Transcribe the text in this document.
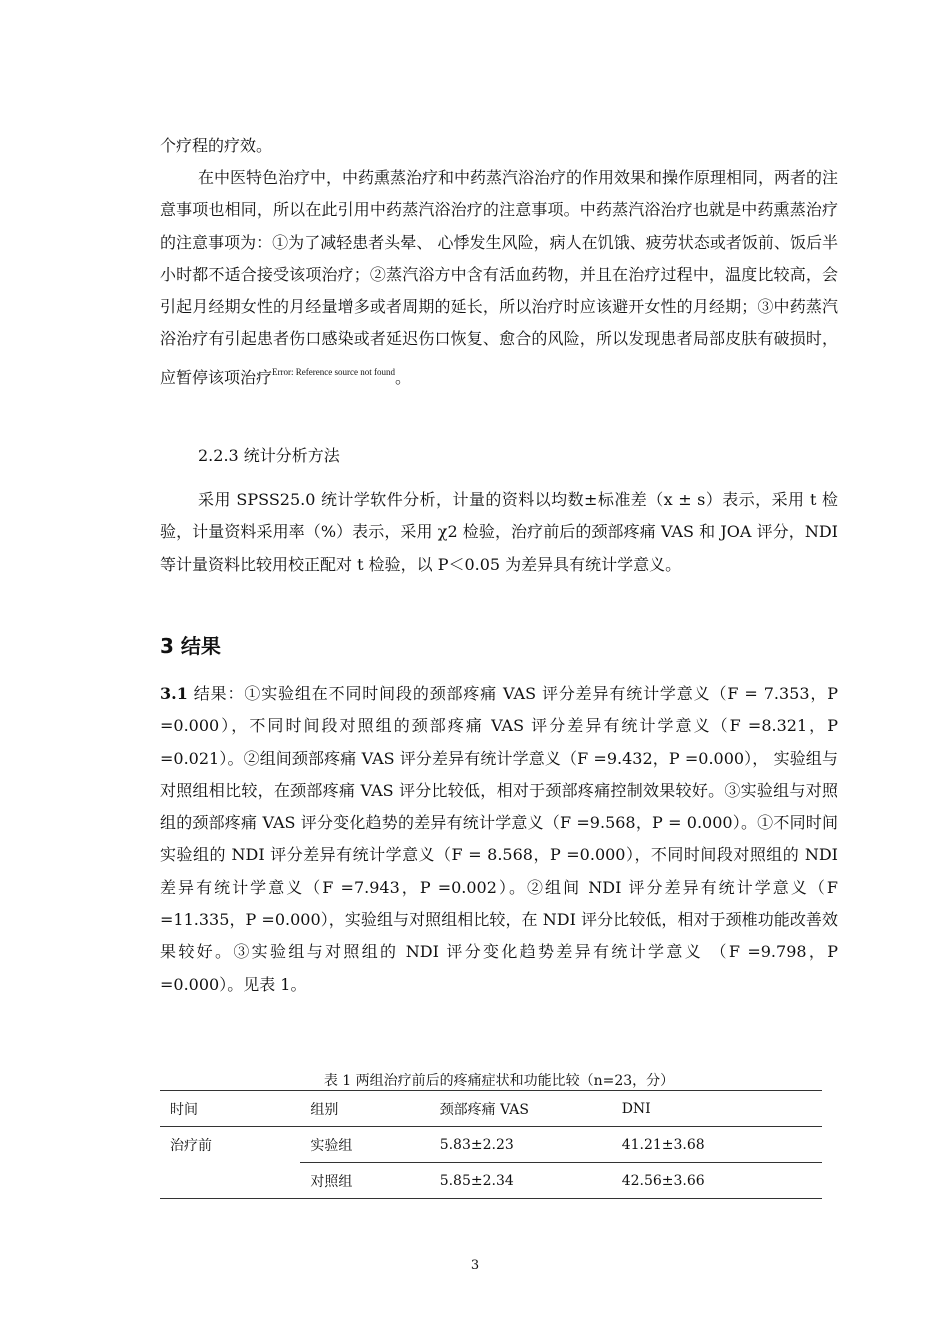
个疗程的疗效。

在中医特色治疗中，中药熏蒸治疗和中药蒸汽浴治疗的作用效果和操作原理相同，两者的注意事项也相同，所以在此引用中药蒸汽浴治疗的注意事项。中药蒸汽浴治疗也就是中药熏蒸治疗的注意事项为：①为了减轻患者头晕、 心悸发生风险，病人在饥饿、疲劳状态或者饭前、饭后半小时都不适合接受该项治疗；②蒸汽浴方中含有活血药物，并且在治疗过程中，温度比较高，会引起月经期女性的月经量增多或者周期的延长，所以治疗时应该避开女性的月经期；③中药蒸汽浴治疗有引起患者伤口感染或者延迟伤口恢复、愈合的风险，所以发现患者局部皮肤有破损时，应暂停该项治疗$^{Error: Reference source not found}$。

2.2.3 统计分析方法

采用 SPSS25.0 统计学软件分析，计量的资料以均数±标准差（x ± s）表示，采用 t 检验，计量资料采用率（%）表示，采用 χ2 检验，治疗前后的颈部疼痛 VAS 和 JOA 评分，NDI 等计量资料比较用校正配对 t 检验，以 P＜0.05 为差异具有统计学意义。

3 结果

3.1 结果：①实验组在不同时间段的颈部疼痛 VAS 评分差异有统计学意义（F = 7.353，P =0.000），不同时间段对照组的颈部疼痛 VAS 评分差异有统计学意义（F =8.321，P =0.021）。②组间颈部疼痛 VAS 评分差异有统计学意义（F =9.432，P =0.000）， 实验组与对照组相比较，在颈部疼痛 VAS 评分比较低，相对于颈部疼痛控制效果较好。③实验组与对照组的颈部疼痛 VAS 评分变化趋势的差异有统计学意义（F =9.568，P = 0.000）。①不同时间实验组的 NDI 评分差异有统计学意义（F = 8.568，P =0.000），不同时间段对照组的 NDI 差异有统计学意义（F =7.943，P =0.002）。②组间 NDI 评分差异有统计学意义（F =11.335，P =0.000），实验组与对照组相比较，在 NDI 评分比较低，相对于颈椎功能改善效果较好。③实验组与对照组的 NDI 评分变化趋势差异有统计学意义 （F =9.798，P =0.000）。见表 1。

表 1 两组治疗前后的疼痛症状和功能比较（n=23，分）
时间	组别	颈部疼痛 VAS	DNI
治疗前	实验组	5.83±2.23	41.21±3.68
	对照组	5.85±2.34	42.56±3.66
3
